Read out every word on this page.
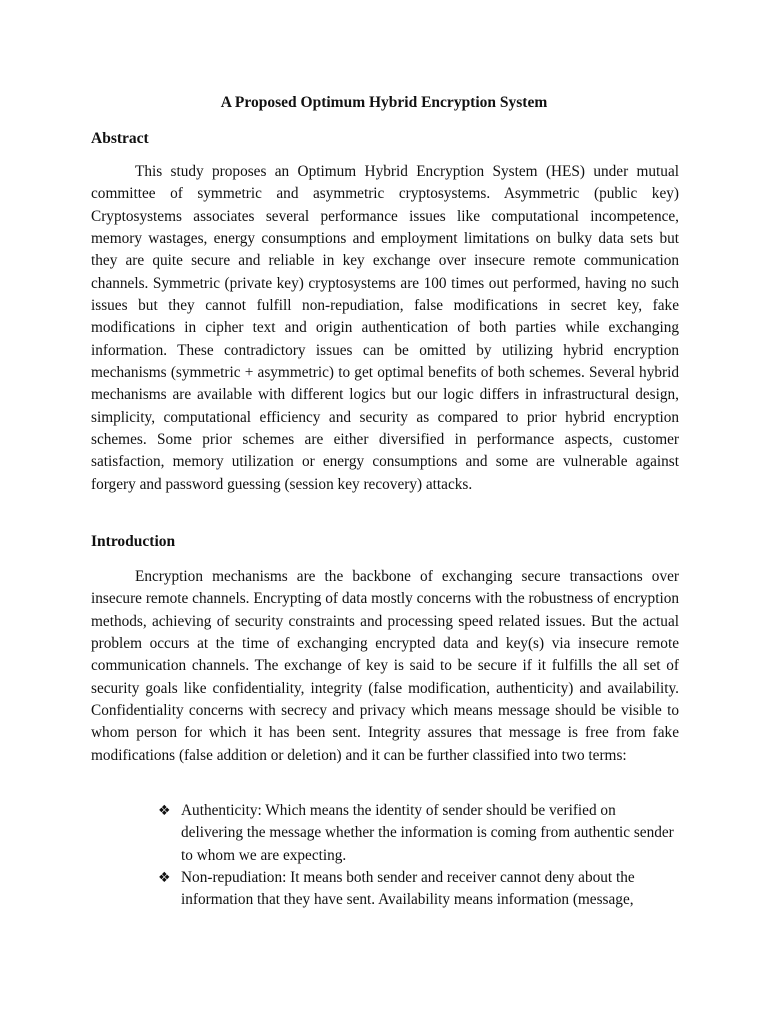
A Proposed Optimum Hybrid Encryption System
Abstract

This study proposes an Optimum Hybrid Encryption System (HES) under mutual committee of symmetric and asymmetric cryptosystems. Asymmetric (public key) Cryptosystems associates several performance issues like computational incompetence, memory wastages, energy consumptions and employment limitations on bulky data sets but they are quite secure and reliable in key exchange over insecure remote communication channels. Symmetric (private key) cryptosystems are 100 times out performed, having no such issues but they cannot fulfill non-repudiation, false modifications in secret key, fake modifications in cipher text and origin authentication of both parties while exchanging information. These contradictory issues can be omitted by utilizing hybrid encryption mechanisms (symmetric + asymmetric) to get optimal benefits of both schemes. Several hybrid mechanisms are available with different logics but our logic differs in infrastructural design, simplicity, computational efficiency and security as compared to prior hybrid encryption schemes. Some prior schemes are either diversified in performance aspects, customer satisfaction, memory utilization or energy consumptions and some are vulnerable against forgery and password guessing (session key recovery) attacks.

Introduction

Encryption mechanisms are the backbone of exchanging secure transactions over insecure remote channels. Encrypting of data mostly concerns with the robustness of encryption methods, achieving of security constraints and processing speed related issues. But the actual problem occurs at the time of exchanging encrypted data and key(s) via insecure remote communication channels. The exchange of key is said to be secure if it fulfills the all set of security goals like confidentiality, integrity (false modification, authenticity) and availability. Confidentiality concerns with secrecy and privacy which means message should be visible to whom person for which it has been sent. Integrity assures that message is free from fake modifications (false addition or deletion) and it can be further classified into two terms:

❖ Authenticity: Which means the identity of sender should be verified on delivering the message whether the information is coming from authentic sender to whom we are expecting.
❖ Non-repudiation: It means both sender and receiver cannot deny about the information that they have sent. Availability means information (message,
